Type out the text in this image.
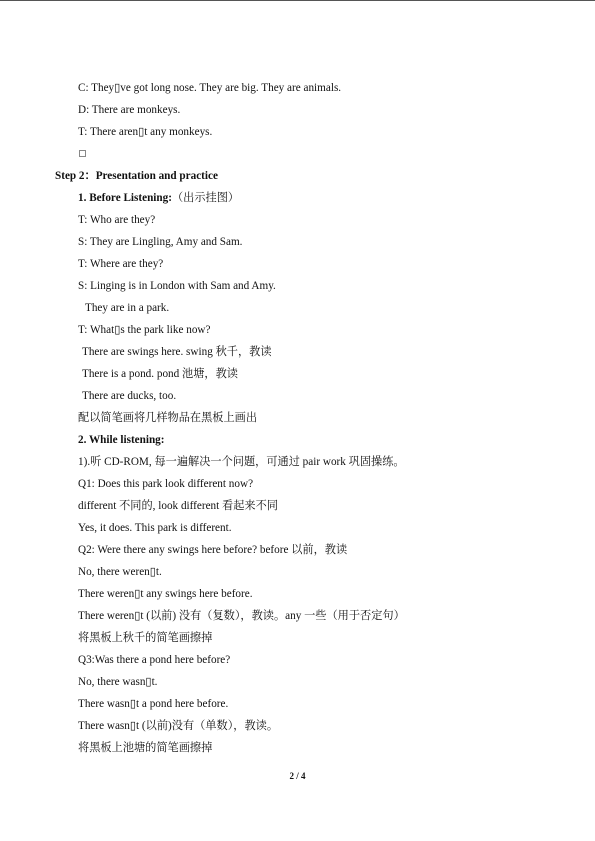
C: They▯ve got long nose. They are big. They are animals.
D: There are monkeys.
T: There aren▯t any monkeys.
Step 2：Presentation and practice
1. Before Listening:（出示挂图）
T: Who are they?
S: They are Lingling, Amy and Sam.
T: Where are they?
S: Linging is in London with Sam and Amy.
They are in a park.
T: What▯s the park like now?
There are swings here. swing 秋千，教读
There is a pond. pond 池塘，教读
There are ducks, too.
配以简笔画将几样物品在黑板上画出
2. While listening:
1).听 CD-ROM, 每一遍解决一个问题，可通过 pair work 巩固操练。
Q1: Does this park look different now?
different 不同的, look different 看起来不同
Yes, it does. This park is different.
Q2: Were there any swings here before? before 以前，教读
No, there weren▯t.
There weren▯t any swings here before.
There weren▯t (以前) 没有（复数），教读。any 一些（用于否定句）
将黑板上秋千的简笔画擦掉
Q3:Was there a pond here before?
No, there wasn▯t.
There wasn▯t a pond here before.
There wasn▯t (以前)没有（单数），教读。
将黑板上池塘的简笔画擦掉
2 / 4
